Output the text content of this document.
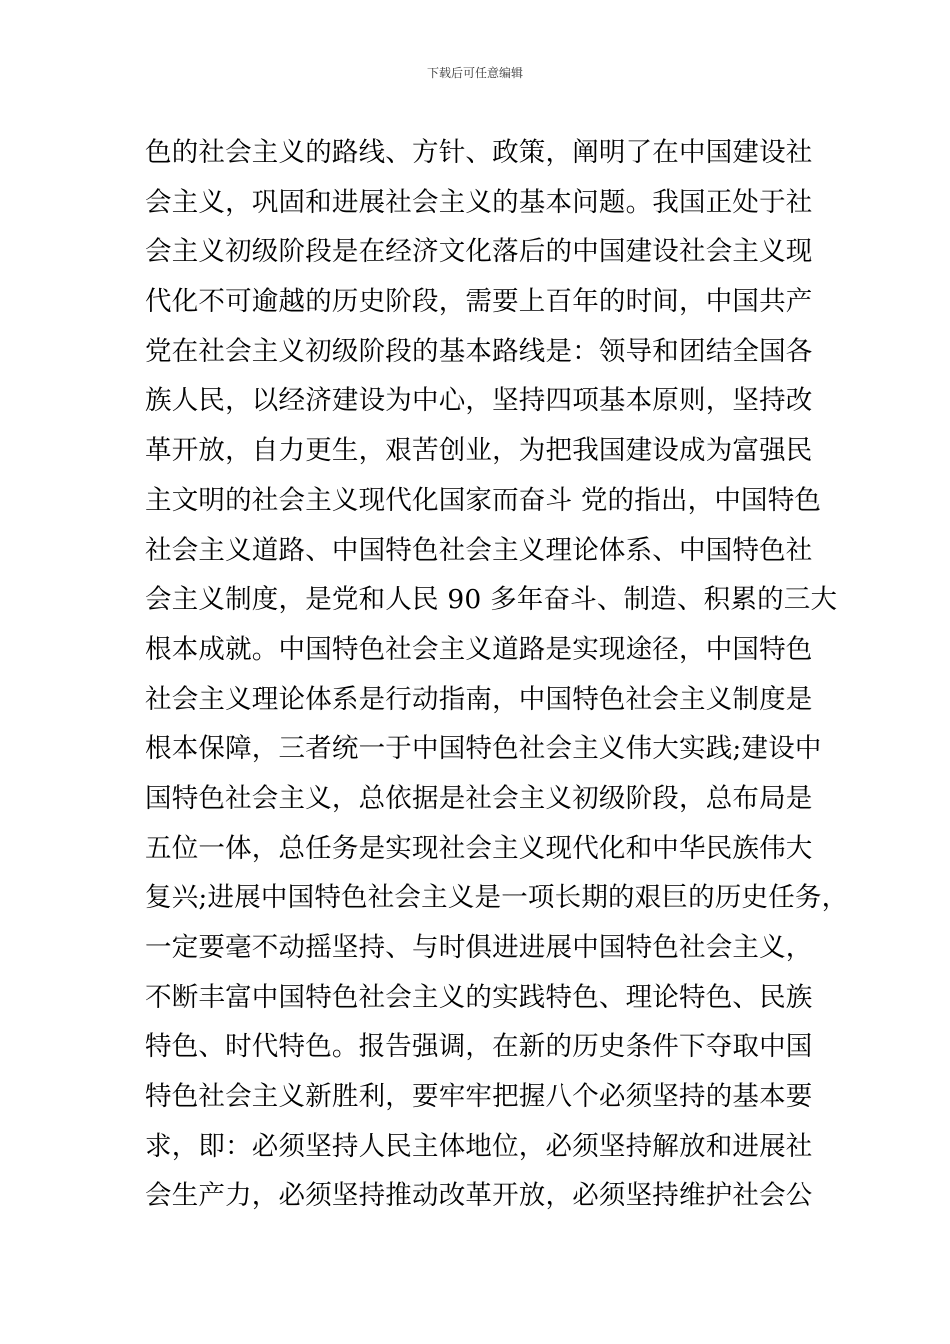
下载后可任意编辑
色的社会主义的路线、方针、政策，阐明了在中国建设社
会主义，巩固和进展社会主义的基本问题。我国正处于社
会主义初级阶段是在经济文化落后的中国建设社会主义现
代化不可逾越的历史阶段，需要上百年的时间，中国共产
党在社会主义初级阶段的基本路线是：领导和团结全国各
族人民，以经济建设为中心，坚持四项基本原则，坚持改
革开放，自力更生，艰苦创业，为把我国建设成为富强民
主文明的社会主义现代化国家而奋斗 党的指出，中国特色
社会主义道路、中国特色社会主义理论体系、中国特色社
会主义制度，是党和人民 90 多年奋斗、制造、积累的三大
根本成就。中国特色社会主义道路是实现途径，中国特色
社会主义理论体系是行动指南，中国特色社会主义制度是
根本保障，三者统一于中国特色社会主义伟大实践;建设中
国特色社会主义，总依据是社会主义初级阶段，总布局是
五位一体，总任务是实现社会主义现代化和中华民族伟大
复兴;进展中国特色社会主义是一项长期的艰巨的历史任务，
一定要毫不动摇坚持、与时俱进进展中国特色社会主义，
不断丰富中国特色社会主义的实践特色、理论特色、民族
特色、时代特色。报告强调，在新的历史条件下夺取中国
特色社会主义新胜利，要牢牢把握八个必须坚持的基本要
求，即：必须坚持人民主体地位，必须坚持解放和进展社
会生产力，必须坚持推动改革开放，必须坚持维护社会公
